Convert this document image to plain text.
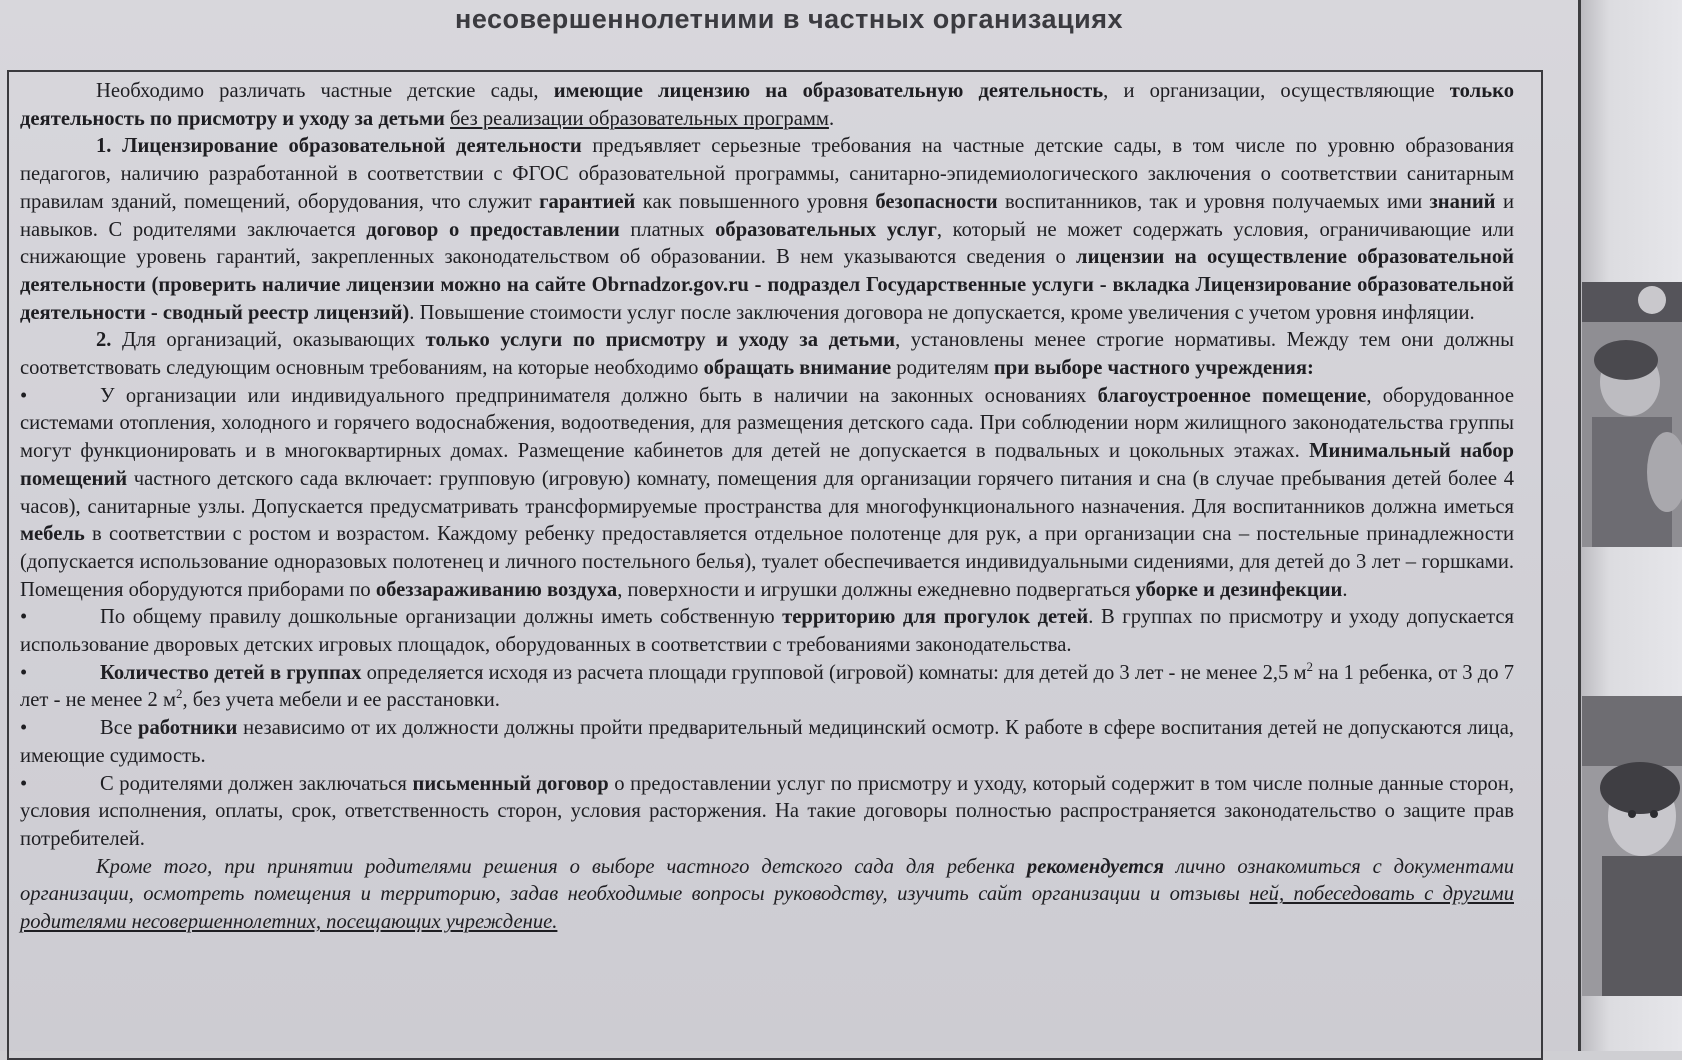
несовершеннолетними в частных организациях

Необходимо различать частные детские сады, имеющие лицензию на образовательную деятельность, и организации, осуществляющие только деятельность по присмотру и уходу за детьми без реализации образовательных программ.

1. Лицензирование образовательной деятельности предъявляет серьезные требования на частные детские сады, в том числе по уровню образования педагогов, наличию разработанной в соответствии с ФГОС образовательной программы, санитарно-эпидемиологического заключения о соответствии санитарным правилам зданий, помещений, оборудования, что служит гарантией как повышенного уровня безопасности воспитанников, так и уровня получаемых ими знаний и навыков. С родителями заключается договор о предоставлении платных образовательных услуг, который не может содержать условия, ограничивающие или снижающие уровень гарантий, закрепленных законодательством об образовании. В нем указываются сведения о лицензии на осуществление образовательной деятельности (проверить наличие лицензии можно на сайте Obrnadzor.gov.ru - подраздел Государственные услуги - вкладка Лицензирование образовательной деятельности - сводный реестр лицензий). Повышение стоимости услуг после заключения договора не допускается, кроме увеличения с учетом уровня инфляции.

2. Для организаций, оказывающих только услуги по присмотру и уходу за детьми, установлены менее строгие нормативы. Между тем они должны соответствовать следующим основным требованиям, на которые необходимо обращать внимание родителям при выборе частного учреждения:

•	У организации или индивидуального предпринимателя должно быть в наличии на законных основаниях благоустроенное помещение, оборудованное системами отопления, холодного и горячего водоснабжения, водоотведения, для размещения детского сада. При соблюдении норм жилищного законодательства группы могут функционировать и в многоквартирных домах. Размещение кабинетов для детей не допускается в подвальных и цокольных этажах. Минимальный набор помещений частного детского сада включает: групповую (игровую) комнату, помещения для организации горячего питания и сна (в случае пребывания детей более 4 часов), санитарные узлы. Допускается предусматривать трансформируемые пространства для многофункционального назначения. Для воспитанников должна иметься мебель в соответствии с ростом и возрастом. Каждому ребенку предоставляется отдельное полотенце для рук, а при организации сна – постельные принадлежности (допускается использование одноразовых полотенец и личного постельного белья), туалет обеспечивается индивидуальными сидениями, для детей до 3 лет – горшками. Помещения оборудуются приборами по обеззараживанию воздуха, поверхности и игрушки должны ежедневно подвергаться уборке и дезинфекции.

•	По общему правилу дошкольные организации должны иметь собственную территорию для прогулок детей. В группах по присмотру и уходу допускается использование дворовых детских игровых площадок, оборудованных в соответствии с требованиями законодательства.

•	Количество детей в группах определяется исходя из расчета площади групповой (игровой) комнаты: для детей до 3 лет - не менее 2,5 $м^2$ на 1 ребенка, от 3 до 7 лет - не менее 2 $м^2$, без учета мебели и ее расстановки.

•	Все работники независимо от их должности должны пройти предварительный медицинский осмотр. К работе в сфере воспитания детей не допускаются лица, имеющие судимость.

•	С родителями должен заключаться письменный договор о предоставлении услуг по присмотру и уходу, который содержит в том числе полные данные сторон, условия исполнения, оплаты, срок, ответственность сторон, условия расторжения. На такие договоры полностью распространяется законодательство о защите прав потребителей.

Кроме того, при принятии родителями решения о выборе частного детского сада для ребенка рекомендуется лично ознакомиться с документами организации, осмотреть помещения и территорию, задав необходимые вопросы руководству, изучить сайт организации и отзывы ней, побеседовать с другими родителями несовершеннолетних, посещающих учреждение.
